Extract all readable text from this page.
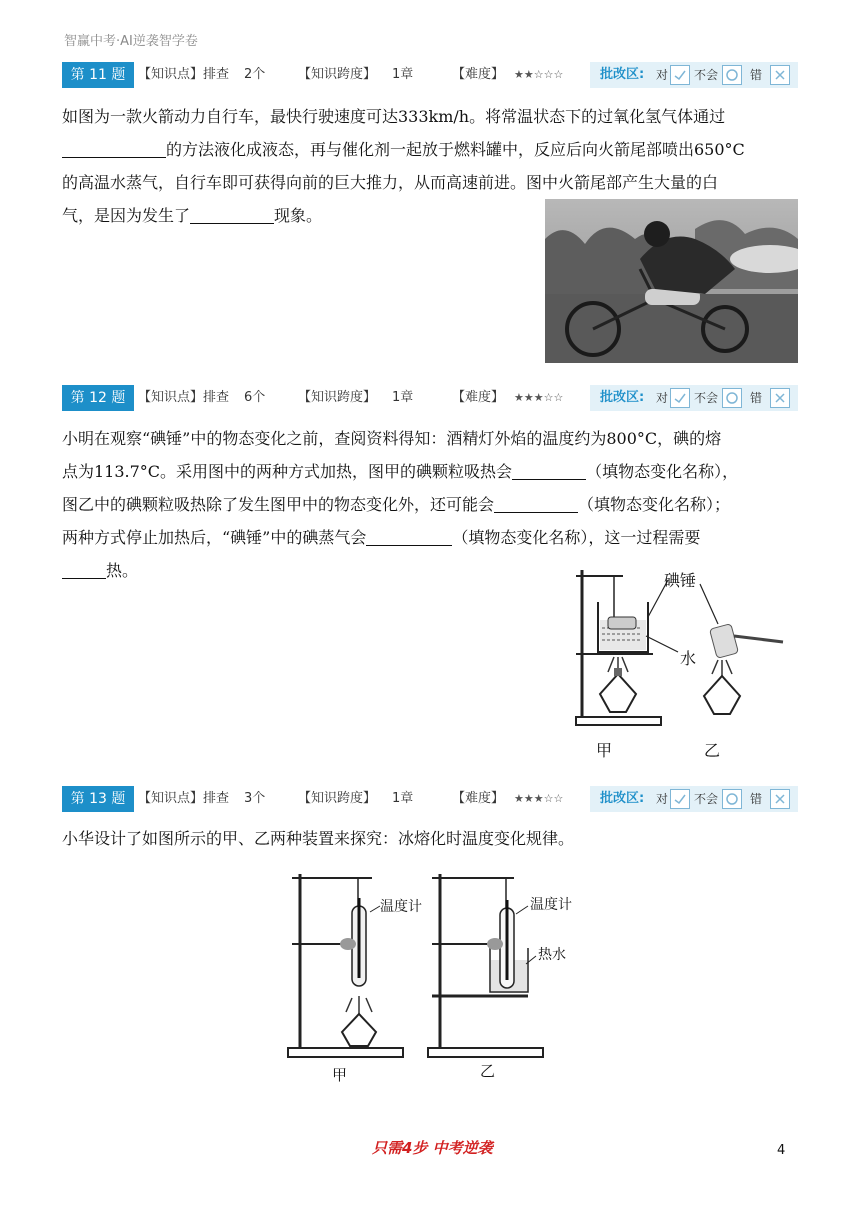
智赢中考·AI逆袭智学卷
第 11 题 【知识点】排查 2个	【知识跨度】 1章	【难度】 ★★☆☆☆	批改区: 对 不会	错

如图为一款火箭动力自行车，最快行驶速度可达333km/h。将常温状态下的过氧化氢气体通过

的方法液化成液态，再与催化剂一起放于燃料罐中，反应后向火箭尾部喷出650°C

的高温水蒸气，自行车即可获得向前的巨大推力，从而高速前进。图中火箭尾部产生大量的白

气，是因为发生了	现象。

第 12 题 【知识点】排查 6个	【知识跨度】 1章	【难度】 ★★★☆☆	批改区: 对 不会	错

小明在观察“碘锤”中的物态变化之前，查阅资料得知：酒精灯外焰的温度约为800°C，碘的熔

点为113.7°C。采用图中的两种方式加热，图甲的碘颗粒吸热会	（填物态变化名称），

图乙中的碘颗粒吸热除了发生图甲中的物态变化外，还可能会	（填物态变化名称）；

两种方式停止加热后，“碘锤”中的碘蒸气会	（填物态变化名称），这一过程需要

热。

碘锤
水
甲	乙
第 13 题 【知识点】排查 3个	【知识跨度】 1章	【难度】 ★★★☆☆	批改区: 对 不会	错

小华设计了如图所示的甲、乙两种装置来探究：冰熔化时温度变化规律。

温度计	温度计
热水
甲	乙
只需4步 中考逆袭	4
